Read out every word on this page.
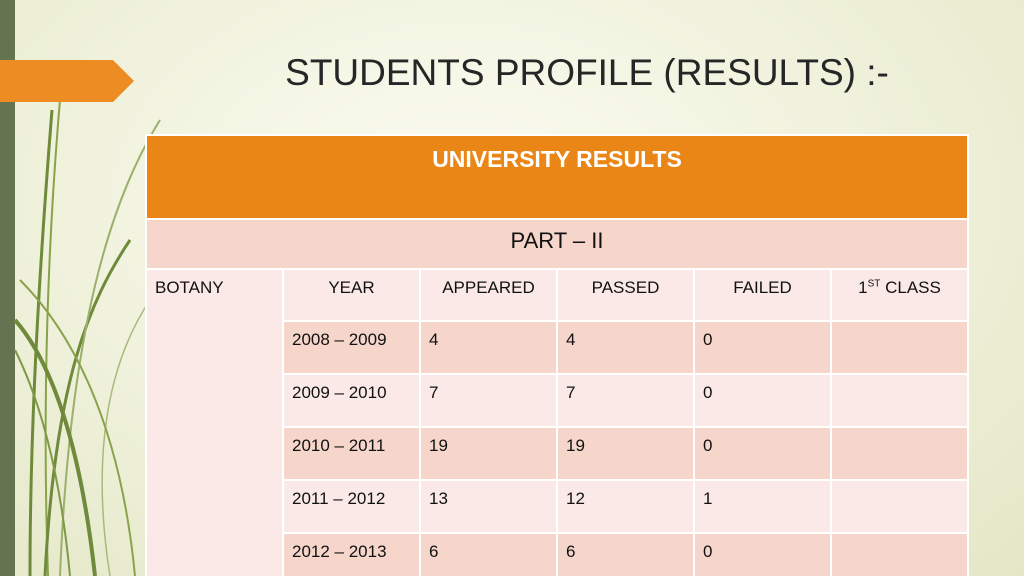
STUDENTS PROFILE (RESULTS) :-
UNIVERSITY RESULTS					
PART – II					
BOTANY	YEAR	APPEARED	PASSED	FAILED	1ST CLASS
	2008 – 2009	4	4	0	
	2009 – 2010	7	7	0	
	2010 – 2011	19	19	0	
	2011 – 2012	13	12	1	
	2012 – 2013	6	6	0	
